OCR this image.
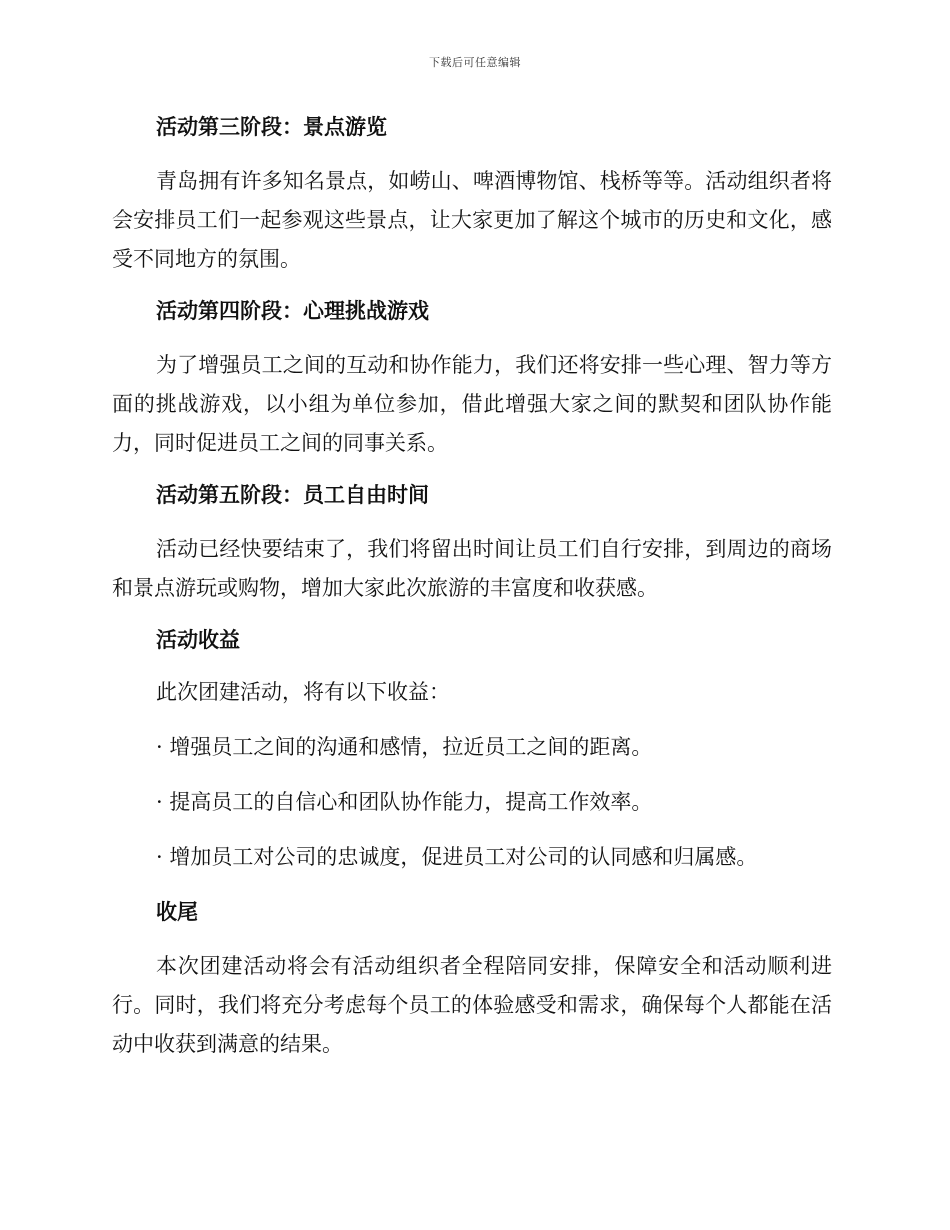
下载后可任意编辑

活动第三阶段：景点游览

青岛拥有许多知名景点，如崂山、啤酒博物馆、栈桥等等。活动组织者将会安排员工们一起参观这些景点，让大家更加了解这个城市的历史和文化，感受不同地方的氛围。

活动第四阶段：心理挑战游戏

为了增强员工之间的互动和协作能力，我们还将安排一些心理、智力等方面的挑战游戏，以小组为单位参加，借此增强大家之间的默契和团队协作能力，同时促进员工之间的同事关系。

活动第五阶段：员工自由时间

活动已经快要结束了，我们将留出时间让员工们自行安排，到周边的商场和景点游玩或购物，增加大家此次旅游的丰富度和收获感。

活动收益

此次团建活动，将有以下收益：

· 增强员工之间的沟通和感情，拉近员工之间的距离。

· 提高员工的自信心和团队协作能力，提高工作效率。

· 增加员工对公司的忠诚度，促进员工对公司的认同感和归属感。

收尾

本次团建活动将会有活动组织者全程陪同安排，保障安全和活动顺利进行。同时，我们将充分考虑每个员工的体验感受和需求，确保每个人都能在活动中收获到满意的结果。
